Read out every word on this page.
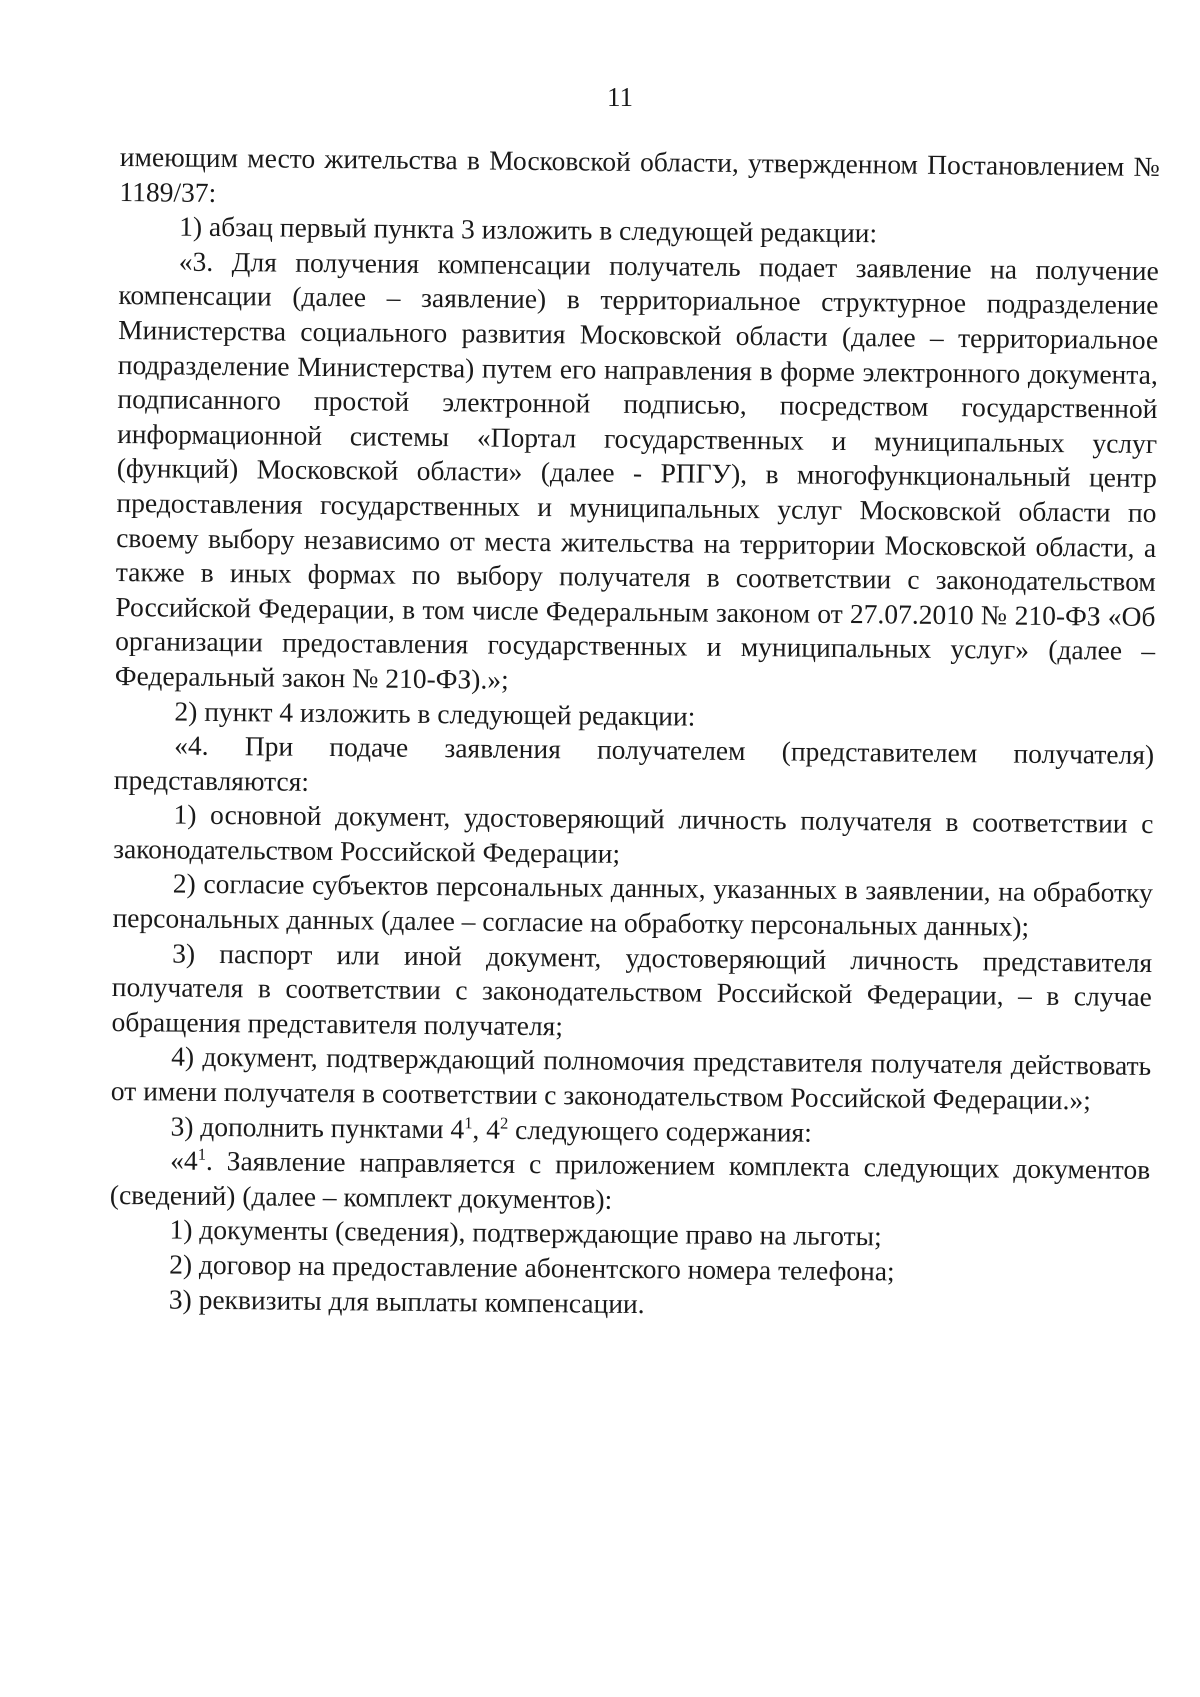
11

имеющим место жительства в Московской области, утвержденном Постановлением № 1189/37:

1) абзац первый пункта 3 изложить в следующей редакции:

«3. Для получения компенсации получатель подает заявление на получение компенсации (далее – заявление) в территориальное структурное подразделение Министерства социального развития Московской области (далее – территориальное подразделение Министерства) путем его направления в форме электронного документа, подписанного простой электронной подписью, посредством государственной информационной системы «Портал государственных и муниципальных услуг (функций) Московской области» (далее - РПГУ), в многофункциональный центр предоставления государственных и муниципальных услуг Московской области по своему выбору независимо от места жительства на территории Московской области, а также в иных формах по выбору получателя в соответствии с законодательством Российской Федерации, в том числе Федеральным законом от 27.07.2010 № 210-ФЗ «Об организации предоставления государственных и муниципальных услуг» (далее – Федеральный закон № 210-ФЗ).»;

2) пункт 4 изложить в следующей редакции:

«4. При подаче заявления получателем (представителем получателя) представляются:

1) основной документ, удостоверяющий личность получателя в соответствии с законодательством Российской Федерации;

2) согласие субъектов персональных данных, указанных в заявлении, на обработку персональных данных (далее – согласие на обработку персональных данных);

3) паспорт или иной документ, удостоверяющий личность представителя получателя в соответствии с законодательством Российской Федерации, – в случае обращения представителя получателя;

4) документ, подтверждающий полномочия представителя получателя действовать от имени получателя в соответствии с законодательством Российской Федерации.»;

3) дополнить пунктами $4^1$, $4^2$ следующего содержания:

«$4^1$. Заявление направляется с приложением комплекта следующих документов (сведений) (далее – комплект документов):

1) документы (сведения), подтверждающие право на льготы;

2) договор на предоставление абонентского номера телефона;

3) реквизиты для выплаты компенсации.
